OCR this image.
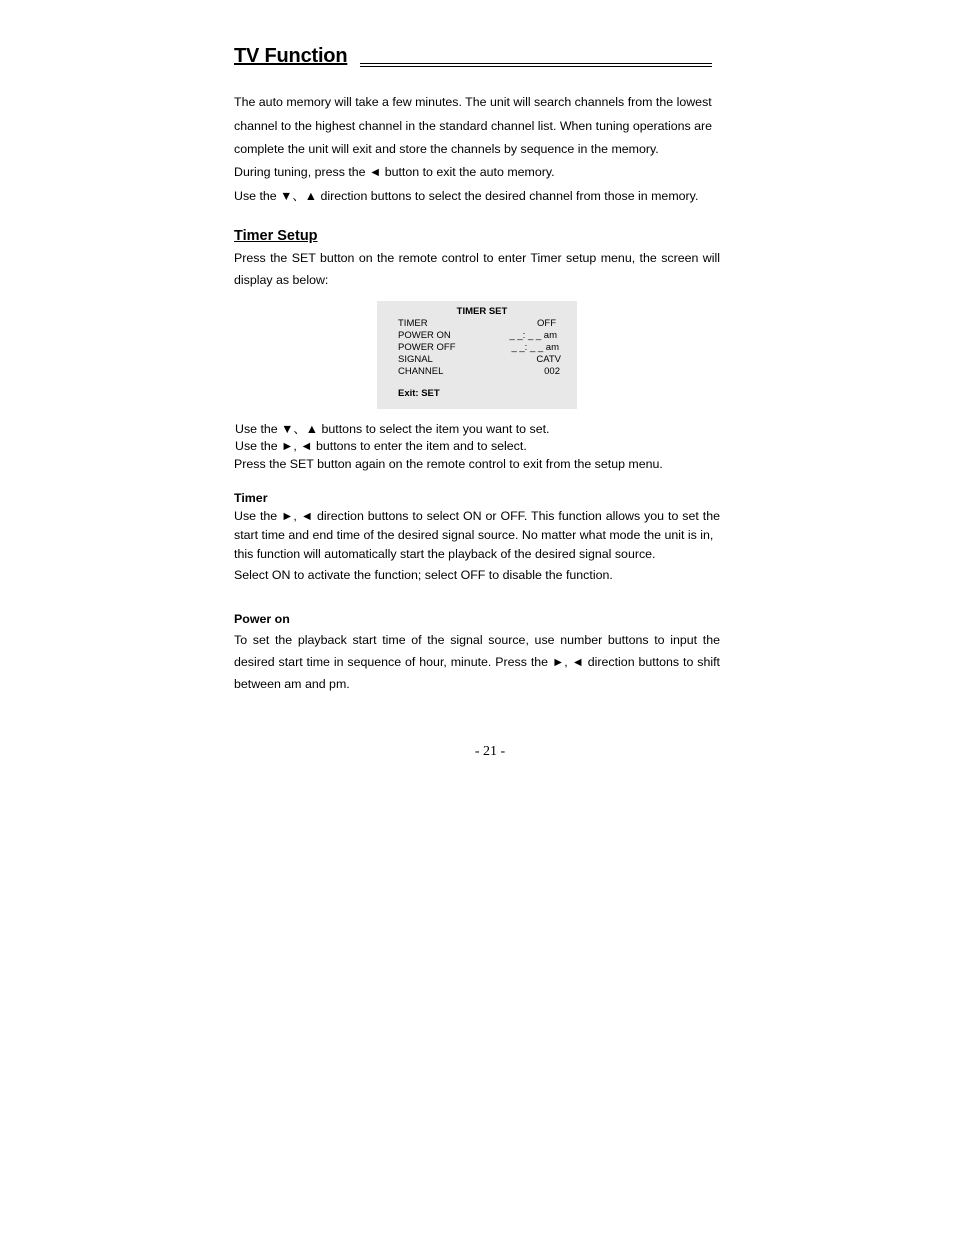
TV Function

The auto memory will take a few minutes. The unit will search channels from the lowest

channel to the highest channel in the standard channel list. When tuning operations are

complete the unit will exit and store the channels by sequence in the memory.

During tuning, press the ◄ button to exit the auto memory.

Use the ▼、▲ direction buttons to select the desired channel from those in memory.

Timer Setup

Press the SET button on the remote control to enter Timer setup menu, the screen will

display as below:

TIMER SET
TIMER	OFF
POWER ON	_ _: _ _ am
POWER OFF	_ _: _ _ am
SIGNAL	CATV
CHANNEL	002
Exit: SET

Use the ▼、▲ buttons to select the item you want to set.

Use the ►, ◄ buttons to enter the item and to select.

Press the SET button again on the remote control to exit from the setup menu.

Timer

Use the ►, ◄ direction buttons to select ON or OFF. This function allows you to set the

start time and end time of the desired signal source. No matter what mode the unit is in,

this function will automatically start the playback of the desired signal source.

Select ON to activate the function; select OFF to disable the function.

Power on

To set the playback start time of the signal source, use number buttons to input the

desired start time in sequence of hour, minute. Press the ►, ◄ direction buttons to shift

between am and pm.

- 21 -
